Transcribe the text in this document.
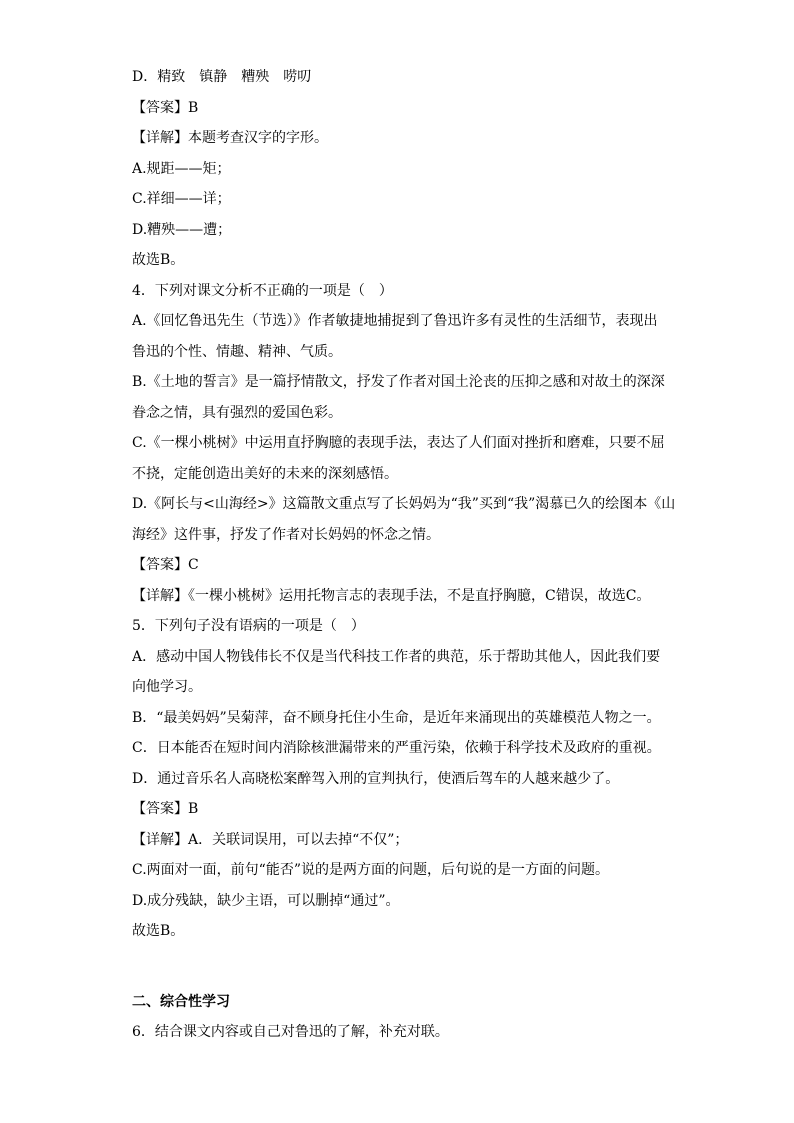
D．精致　镇静　糟殃　唠叨

【答案】B

【详解】本题考查汉字的字形。

A.规距——矩；

C.祥细——详；

D.糟殃——遭；

故选B。

4．下列对课文分析不正确的一项是（　）

A.《回忆鲁迅先生（节选）》作者敏捷地捕捉到了鲁迅许多有灵性的生活细节，表现出

鲁迅的个性、情趣、精神、气质。

B.《土地的誓言》是一篇抒情散文，抒发了作者对国土沦丧的压抑之感和对故土的深深

眷念之情，具有强烈的爱国色彩。

C.《一棵小桃树》中运用直抒胸臆的表现手法，表达了人们面对挫折和磨难，只要不屈

不挠，定能创造出美好的未来的深刻感悟。

D.《阿长与<山海经>》这篇散文重点写了长妈妈为“我”买到“我”渴慕已久的绘图本《山

海经》这件事，抒发了作者对长妈妈的怀念之情。

【答案】C

【详解】《一棵小桃树》运用托物言志的表现手法，不是直抒胸臆，C错误，故选C。

5．下列句子没有语病的一项是（　）

A．感动中国人物钱伟长不仅是当代科技工作者的典范，乐于帮助其他人，因此我们要

向他学习。

B．“最美妈妈”吴菊萍，奋不顾身托住小生命，是近年来涌现出的英雄模范人物之一。

C．日本能否在短时间内消除核泄漏带来的严重污染，依赖于科学技术及政府的重视。

D．通过音乐名人高晓松案醉驾入刑的宣判执行，使酒后驾车的人越来越少了。

【答案】B

【详解】A．关联词误用，可以去掉“不仅”；

C.两面对一面，前句“能否”说的是两方面的问题，后句说的是一方面的问题。

D.成分残缺，缺少主语，可以删掉“通过”。

故选B。

二、综合性学习

6．结合课文内容或自己对鲁迅的了解，补充对联。
